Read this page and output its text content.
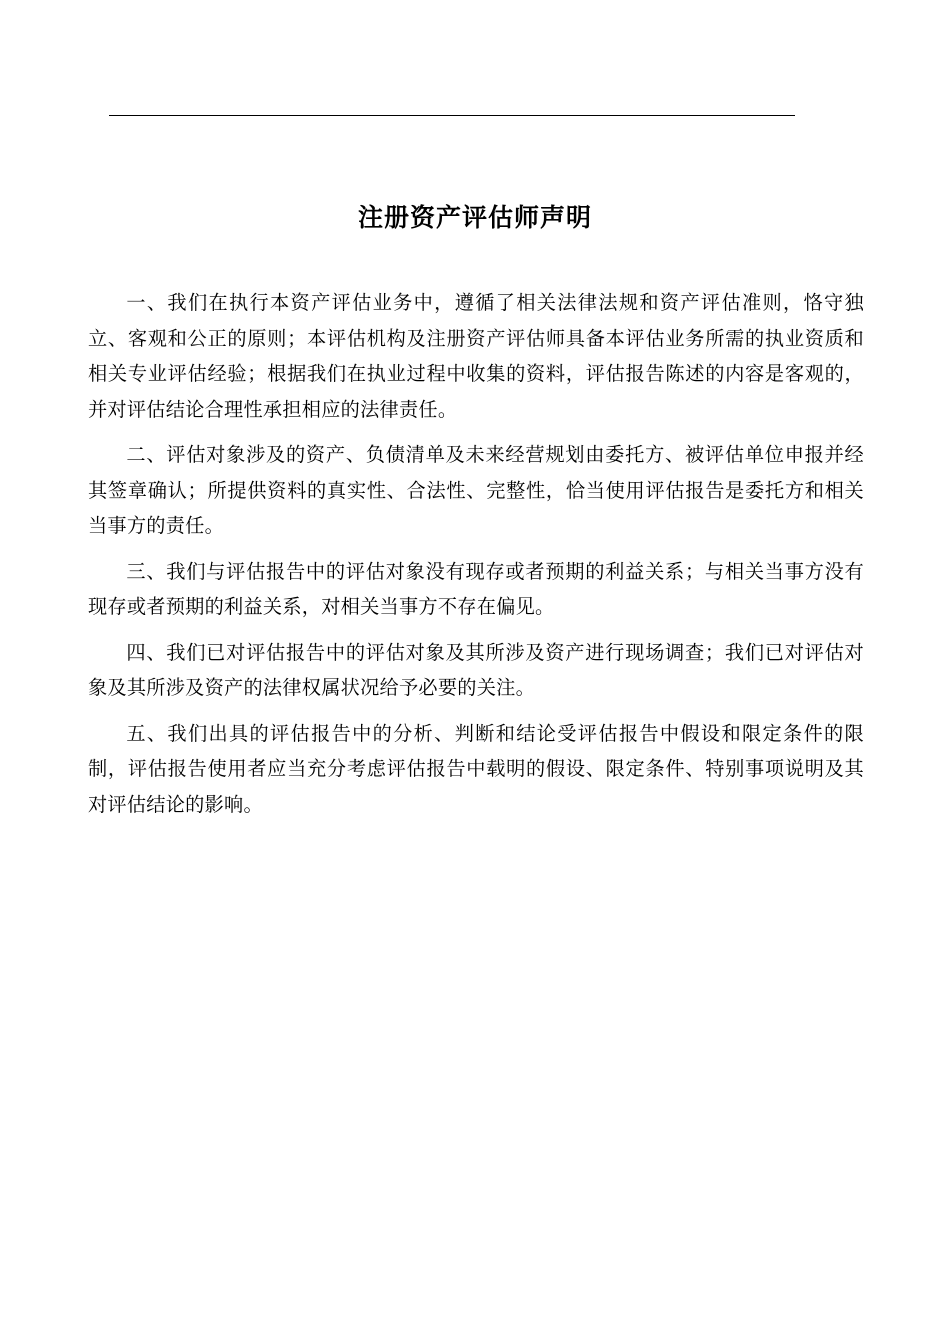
注册资产评估师声明

一、我们在执行本资产评估业务中，遵循了相关法律法规和资产评估准则，恪守独立、客观和公正的原则；本评估机构及注册资产评估师具备本评估业务所需的执业资质和相关专业评估经验；根据我们在执业过程中收集的资料，评估报告陈述的内容是客观的，并对评估结论合理性承担相应的法律责任。

二、评估对象涉及的资产、负债清单及未来经营规划由委托方、被评估单位申报并经其签章确认；所提供资料的真实性、合法性、完整性，恰当使用评估报告是委托方和相关当事方的责任。

三、我们与评估报告中的评估对象没有现存或者预期的利益关系；与相关当事方没有现存或者预期的利益关系，对相关当事方不存在偏见。

四、我们已对评估报告中的评估对象及其所涉及资产进行现场调查；我们已对评估对象及其所涉及资产的法律权属状况给予必要的关注。

五、我们出具的评估报告中的分析、判断和结论受评估报告中假设和限定条件的限制，评估报告使用者应当充分考虑评估报告中载明的假设、限定条件、特别事项说明及其对评估结论的影响。
